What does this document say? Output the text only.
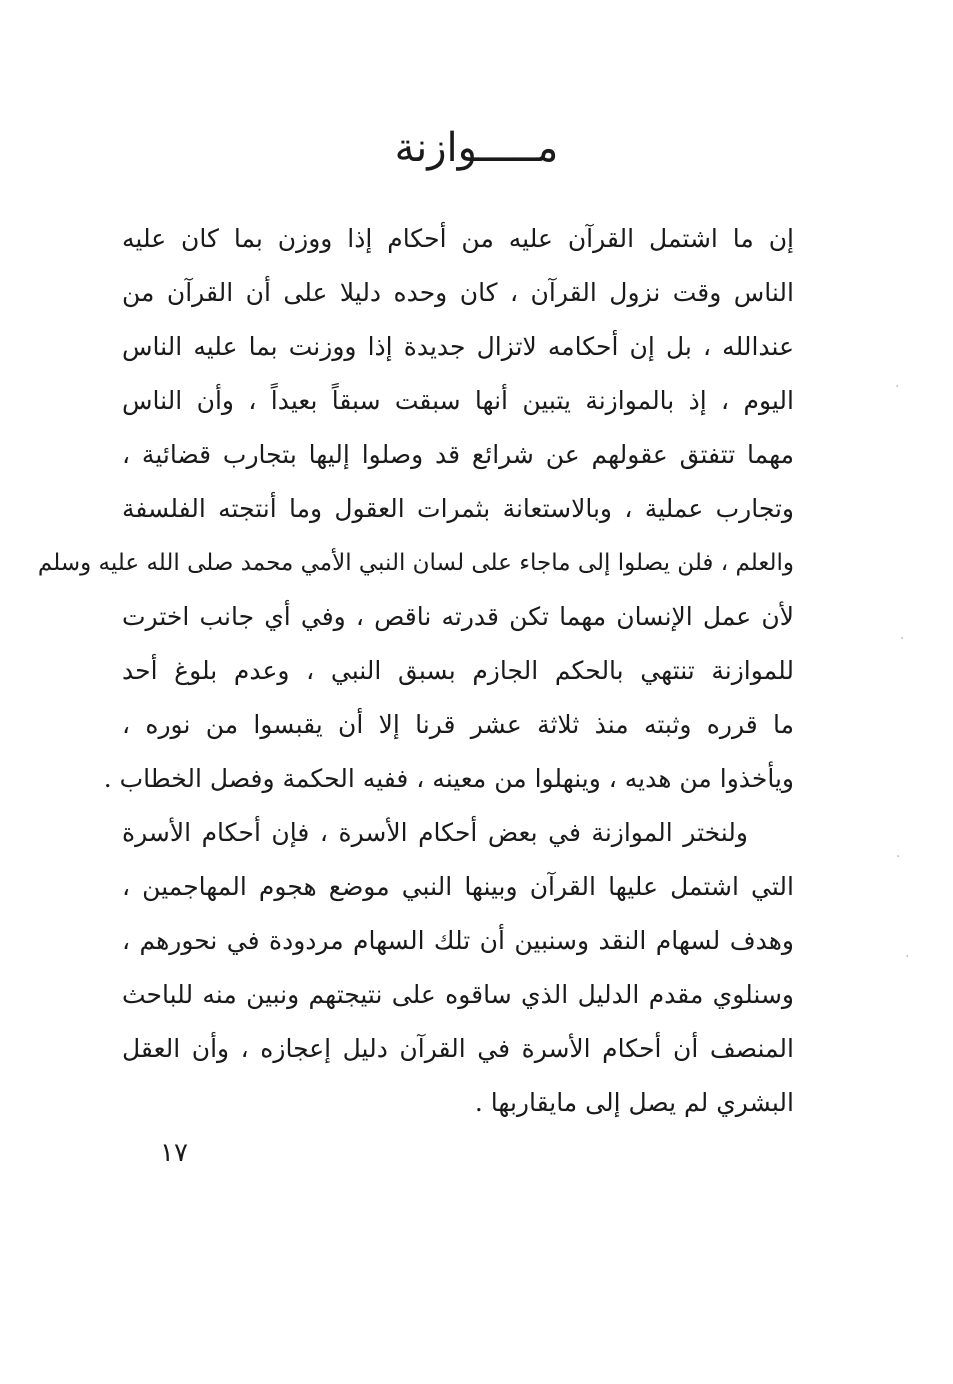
مـــــوازنة
إن ما اشتمل القرآن عليه من أحكام إذا ووزن بما كان عليه
الناس وقت نزول القرآن ، كان وحده دليلا على أن القرآن من
عندالله ، بل إن أحكامه لاتزال جديدة إذا ووزنت بما عليه الناس
اليوم ، إذ بالموازنة يتبين أنها سبقت سبقاً بعيداً ، وأن الناس
مهما تتفتق عقولهم عن شرائع قد وصلوا إليها بتجارب قضائية ،
وتجارب عملية ، وبالاستعانة بثمرات العقول وما أنتجته الفلسفة
والعلم ، فلن يصلوا إلى ماجاء على لسان النبي الأمي محمد صلى الله عليه وسلم
لأن عمل الإنسان مهما تكن قدرته ناقص ، وفي أي جانب اخترت
للموازنة تنتهي بالحكم الجازم بسبق النبي ، وعدم بلوغ أحد
ما قرره وثبته منذ ثلاثة عشر قرنا إلا أن يقبسوا من نوره ،
ويأخذوا من هديه ، وينهلوا من معينه ، ففيه الحكمة وفصل الخطاب .
ولنختر الموازنة في بعض أحكام الأسرة ، فإن أحكام الأسرة
التي اشتمل عليها القرآن وبينها النبي موضع هجوم المهاجمين ،
وهدف لسهام النقد وسنبين أن تلك السهام مردودة في نحورهم ،
وسنلوي مقدم الدليل الذي ساقوه على نتيجتهم ونبين منه للباحث
المنصف أن أحكام الأسرة في القرآن دليل إعجازه ، وأن العقل
البشري لم يصل إلى مايقاربها .
١٧
·
·
·
·
